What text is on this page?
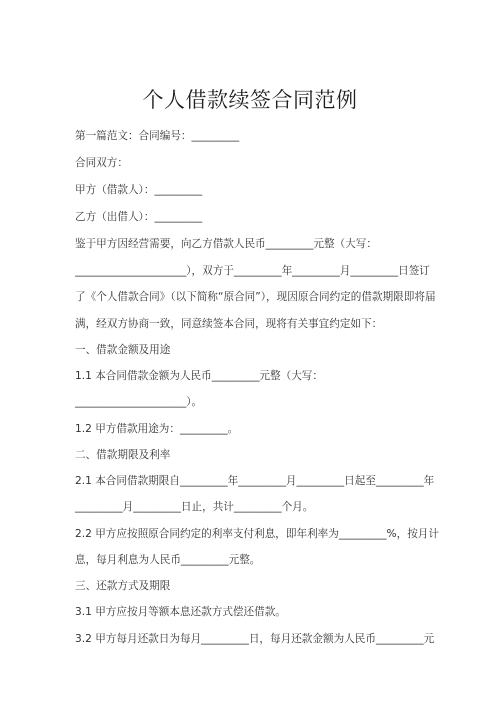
个人借款续签合同范例
第一篇范文：合同编号：_________
合同双方：
甲方（借款人）：_________
乙方（出借人）：_________
鉴于甲方因经营需要，向乙方借款人民币_________元整（大写：
_____________________），双方于_________年_________月_________日签订
了《个人借款合同》（以下简称“原合同”），现因原合同约定的借款期限即将届
满，经双方协商一致，同意续签本合同，现将有关事宜约定如下：
一、借款金额及用途
1.1 本合同借款金额为人民币_________元整（大写：
_____________________）。
1.2 甲方借款用途为：_________。
二、借款期限及利率
2.1 本合同借款期限自_________年_________月_________日起至_________年
_________月_________日止，共计_________个月。
2.2 甲方应按照原合同约定的利率支付利息，即年利率为_________%，按月计
息，每月利息为人民币_________元整。
三、还款方式及期限
3.1 甲方应按月等额本息还款方式偿还借款。
3.2 甲方每月还款日为每月_________日，每月还款金额为人民币_________元
